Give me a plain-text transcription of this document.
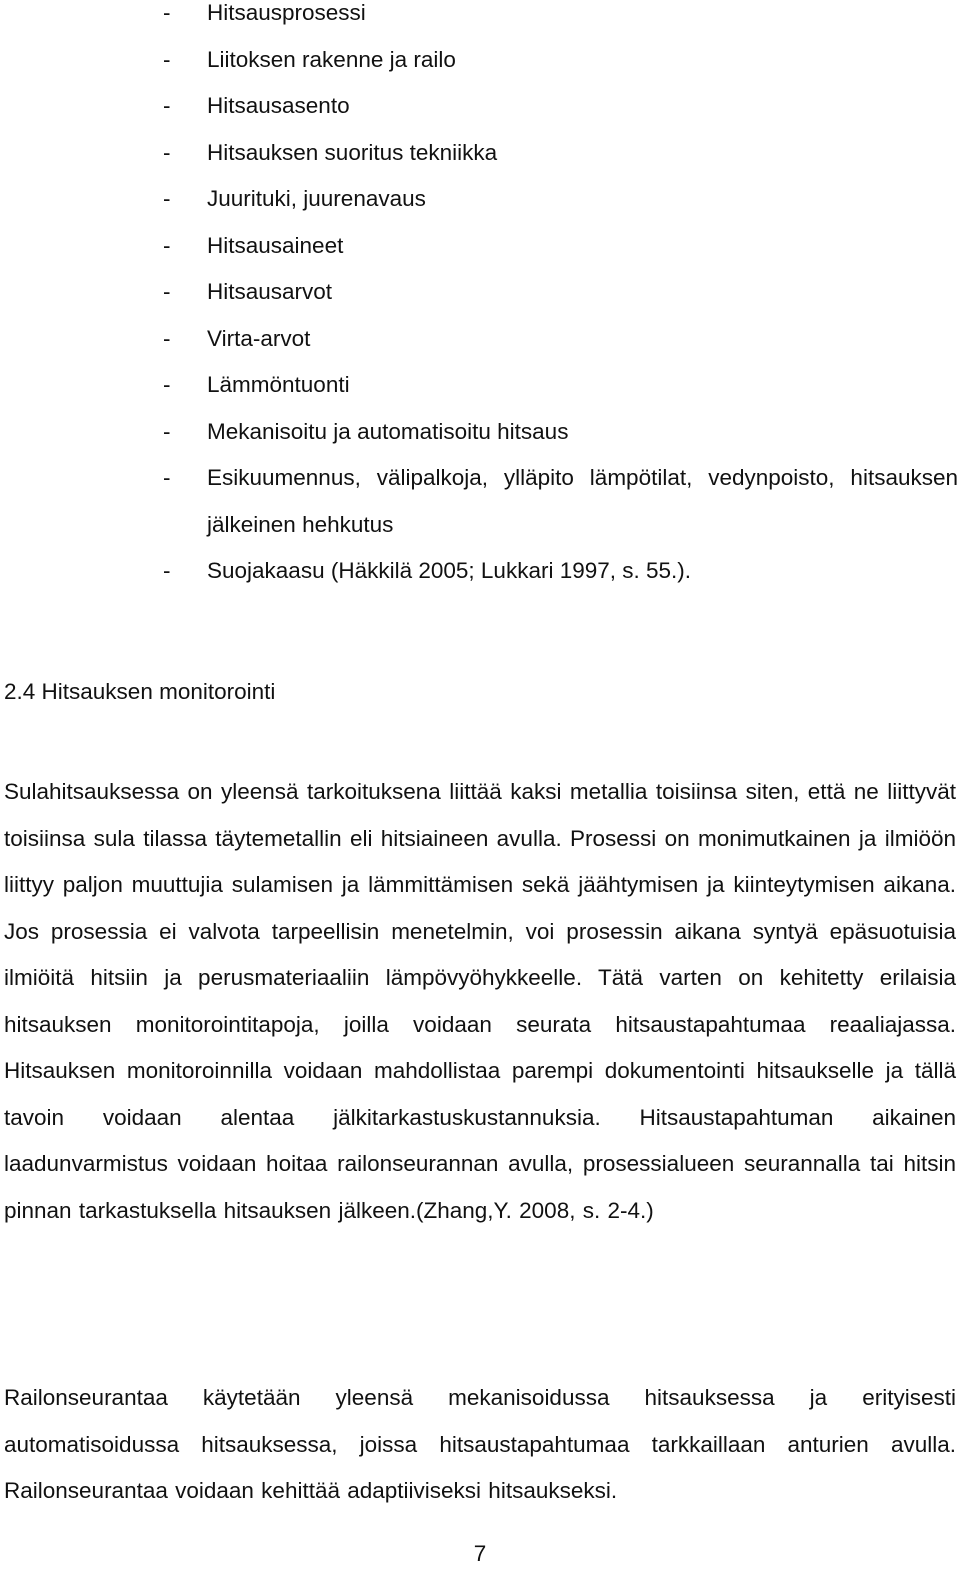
- Hitsausprosessi
- Liitoksen rakenne ja railo
- Hitsausasento
- Hitsauksen suoritus tekniikka
- Juurituki, juurenavaus
- Hitsausaineet
- Hitsausarvot
- Virta-arvot
- Lämmöntuonti
- Mekanisoitu ja automatisoitu hitsaus
- Esikuumennus, välipalkoja, ylläpito lämpötilat, vedynpoisto, hitsauksen jälkeinen hehkutus
- Suojakaasu (Häkkilä 2005; Lukkari 1997, s. 55.).
2.4 Hitsauksen monitorointi

Sulahitsauksessa on yleensä tarkoituksena liittää kaksi metallia toisiinsa siten, että ne liittyvät toisiinsa sula tilassa täytemetallin eli hitsiaineen avulla. Prosessi on monimutkainen ja ilmiöön liittyy paljon muuttujia sulamisen ja lämmittämisen sekä jäähtymisen ja kiinteytymisen aikana. Jos prosessia ei valvota tarpeellisin menetelmin, voi prosessin aikana syntyä epäsuotuisia ilmiöitä hitsiin ja perusmateriaaliin lämpövyöhykkeelle. Tätä varten on kehitetty erilaisia hitsauksen monitorointitapoja, joilla voidaan seurata hitsaustapahtumaa reaaliajassa. Hitsauksen monitoroinnilla voidaan mahdollistaa parempi dokumentointi hitsaukselle ja tällä tavoin voidaan alentaa jälkitarkastuskustannuksia. Hitsaustapahtuman aikainen laadunvarmistus voidaan hoitaa railonseurannan avulla, prosessialueen seurannalla tai hitsin pinnan tarkastuksella hitsauksen jälkeen.(Zhang,Y. 2008, s. 2-4.)

Railonseurantaa käytetään yleensä mekanisoidussa hitsauksessa ja erityisesti automatisoidussa hitsauksessa, joissa hitsaustapahtumaa tarkkaillaan anturien avulla. Railonseurantaa voidaan kehittää adaptiiviseksi hitsaukseksi.

7
